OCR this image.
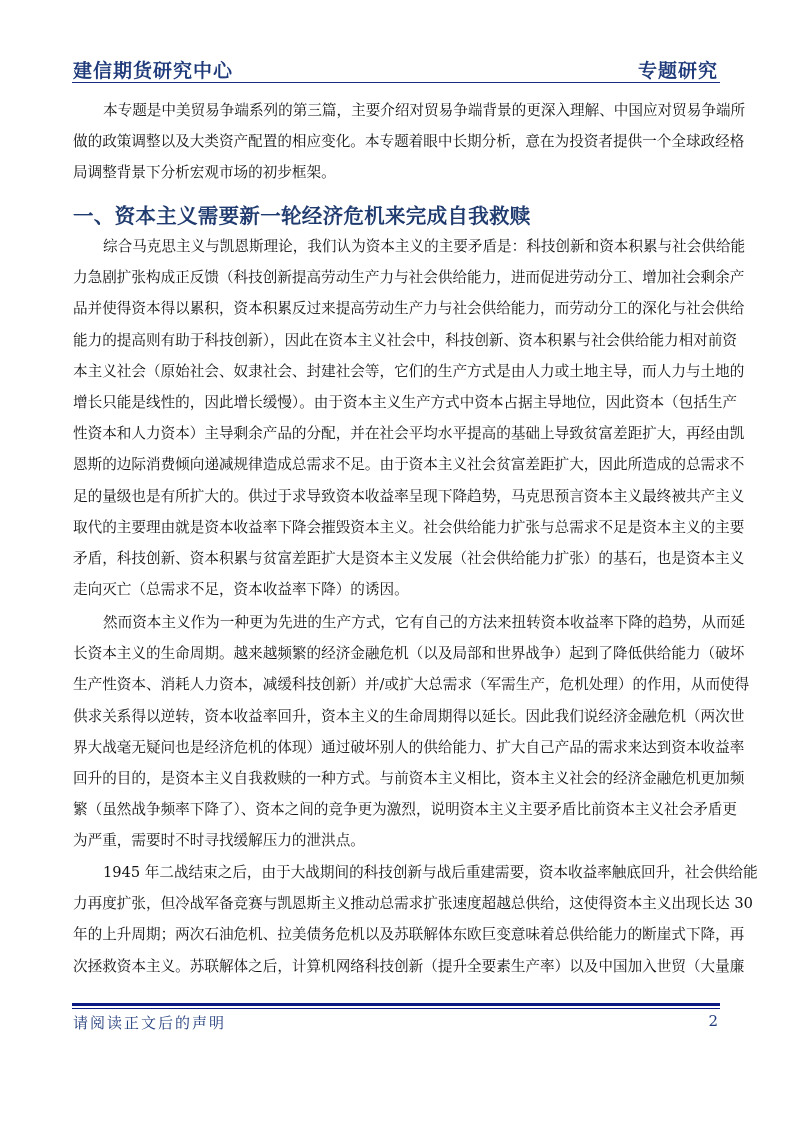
建信期货研究中心	专题研究
本专题是中美贸易争端系列的第三篇，主要介绍对贸易争端背景的更深入理解、中国应对贸易争端所
做的政策调整以及大类资产配置的相应变化。本专题着眼中长期分析，意在为投资者提供一个全球政经格
局调整背景下分析宏观市场的初步框架。
一、资本主义需要新一轮经济危机来完成自我救赎
综合马克思主义与凯恩斯理论，我们认为资本主义的主要矛盾是：科技创新和资本积累与社会供给能
力急剧扩张构成正反馈（科技创新提高劳动生产力与社会供给能力，进而促进劳动分工、增加社会剩余产
品并使得资本得以累积，资本积累反过来提高劳动生产力与社会供给能力，而劳动分工的深化与社会供给
能力的提高则有助于科技创新），因此在资本主义社会中，科技创新、资本积累与社会供给能力相对前资
本主义社会（原始社会、奴隶社会、封建社会等，它们的生产方式是由人力或土地主导，而人力与土地的
增长只能是线性的，因此增长缓慢）。由于资本主义生产方式中资本占据主导地位，因此资本（包括生产
性资本和人力资本）主导剩余产品的分配，并在社会平均水平提高的基础上导致贫富差距扩大，再经由凯
恩斯的边际消费倾向递减规律造成总需求不足。由于资本主义社会贫富差距扩大，因此所造成的总需求不
足的量级也是有所扩大的。供过于求导致资本收益率呈现下降趋势，马克思预言资本主义最终被共产主义
取代的主要理由就是资本收益率下降会摧毁资本主义。社会供给能力扩张与总需求不足是资本主义的主要
矛盾，科技创新、资本积累与贫富差距扩大是资本主义发展（社会供给能力扩张）的基石，也是资本主义
走向灭亡（总需求不足，资本收益率下降）的诱因。
然而资本主义作为一种更为先进的生产方式，它有自己的方法来扭转资本收益率下降的趋势，从而延
长资本主义的生命周期。越来越频繁的经济金融危机（以及局部和世界战争）起到了降低供给能力（破坏
生产性资本、消耗人力资本，减缓科技创新）并/或扩大总需求（军需生产，危机处理）的作用，从而使得
供求关系得以逆转，资本收益率回升，资本主义的生命周期得以延长。因此我们说经济金融危机（两次世
界大战毫无疑问也是经济危机的体现）通过破坏别人的供给能力、扩大自己产品的需求来达到资本收益率
回升的目的，是资本主义自我救赎的一种方式。与前资本主义相比，资本主义社会的经济金融危机更加频
繁（虽然战争频率下降了）、资本之间的竞争更为激烈，说明资本主义主要矛盾比前资本主义社会矛盾更
为严重，需要时不时寻找缓解压力的泄洪点。
1945 年二战结束之后，由于大战期间的科技创新与战后重建需要，资本收益率触底回升，社会供给能
力再度扩张，但冷战军备竞赛与凯恩斯主义推动总需求扩张速度超越总供给，这使得资本主义出现长达 30
年的上升周期；两次石油危机、拉美债务危机以及苏联解体东欧巨变意味着总供给能力的断崖式下降，再
次拯救资本主义。苏联解体之后，计算机网络科技创新（提升全要素生产率）以及中国加入世贸（大量廉
请阅读正文后的声明	2
